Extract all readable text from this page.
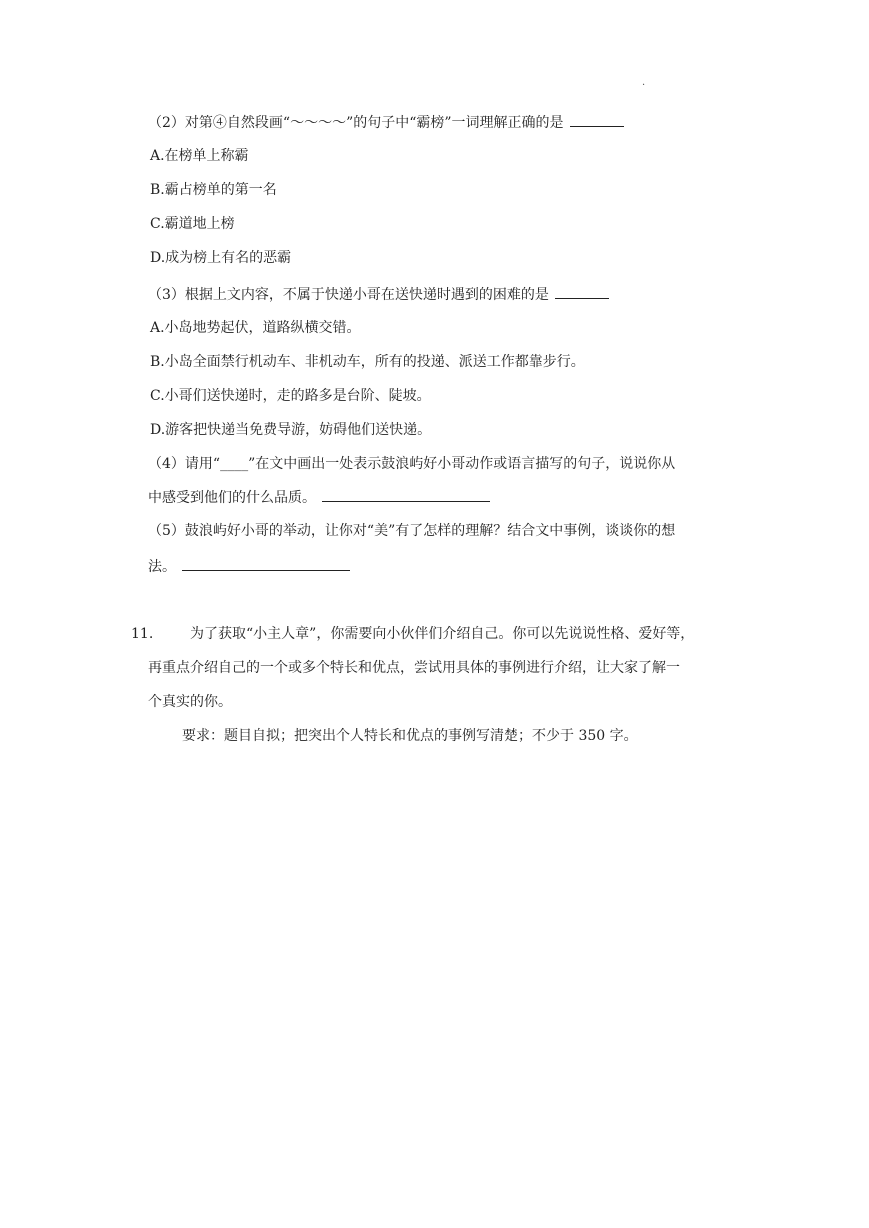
·
（2）对第④自然段画“～～～～”的句子中“霸榜”一词理解正确的是
A.在榜单上称霸
B.霸占榜单的第一名
C.霸道地上榜
D.成为榜上有名的恶霸
（3）根据上文内容，不属于快递小哥在送快递时遇到的困难的是
A.小岛地势起伏，道路纵横交错。
B.小岛全面禁行机动车、非机动车，所有的投递、派送工作都靠步行。
C.小哥们送快递时，走的路多是台阶、陡坡。
D.游客把快递当免费导游，妨碍他们送快递。
（4）请用“____”在文中画出一处表示鼓浪屿好小哥动作或语言描写的句子，说说你从
中感受到他们的什么品质。
（5）鼓浪屿好小哥的举动，让你对“美”有了怎样的理解？结合文中事例，谈谈你的想
法。
11.	为了获取“小主人章”，你需要向小伙伴们介绍自己。你可以先说说性格、爱好等，
再重点介绍自己的一个或多个特长和优点，尝试用具体的事例进行介绍，让大家了解一
个真实的你。
要求：题目自拟；把突出个人特长和优点的事例写清楚；不少于 350 字。
